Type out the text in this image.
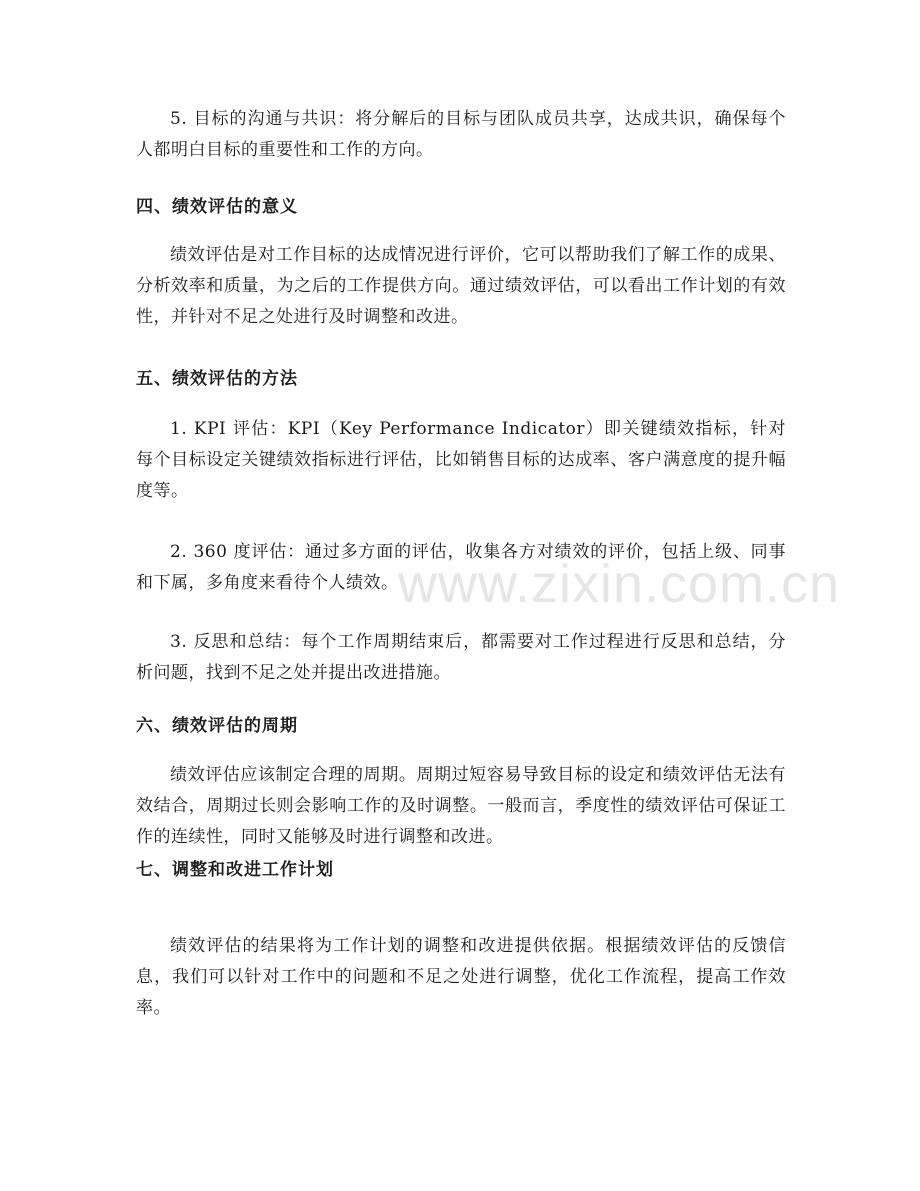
www.zixin.com.cn

5. 目标的沟通与共识：将分解后的目标与团队成员共享，达成共识，确保每个人都明白目标的重要性和工作的方向。

四、绩效评估的意义

绩效评估是对工作目标的达成情况进行评价，它可以帮助我们了解工作的成果、分析效率和质量，为之后的工作提供方向。通过绩效评估，可以看出工作计划的有效性，并针对不足之处进行及时调整和改进。

五、绩效评估的方法

1. KPI 评估：KPI（Key Performance Indicator）即关键绩效指标，针对每个目标设定关键绩效指标进行评估，比如销售目标的达成率、客户满意度的提升幅度等。

2. 360 度评估：通过多方面的评估，收集各方对绩效的评价，包括上级、同事和下属，多角度来看待个人绩效。

3. 反思和总结：每个工作周期结束后，都需要对工作过程进行反思和总结，分析问题，找到不足之处并提出改进措施。

六、绩效评估的周期

绩效评估应该制定合理的周期。周期过短容易导致目标的设定和绩效评估无法有效结合，周期过长则会影响工作的及时调整。一般而言，季度性的绩效评估可保证工作的连续性，同时又能够及时进行调整和改进。

七、调整和改进工作计划

绩效评估的结果将为工作计划的调整和改进提供依据。根据绩效评估的反馈信息，我们可以针对工作中的问题和不足之处进行调整，优化工作流程，提高工作效率。
